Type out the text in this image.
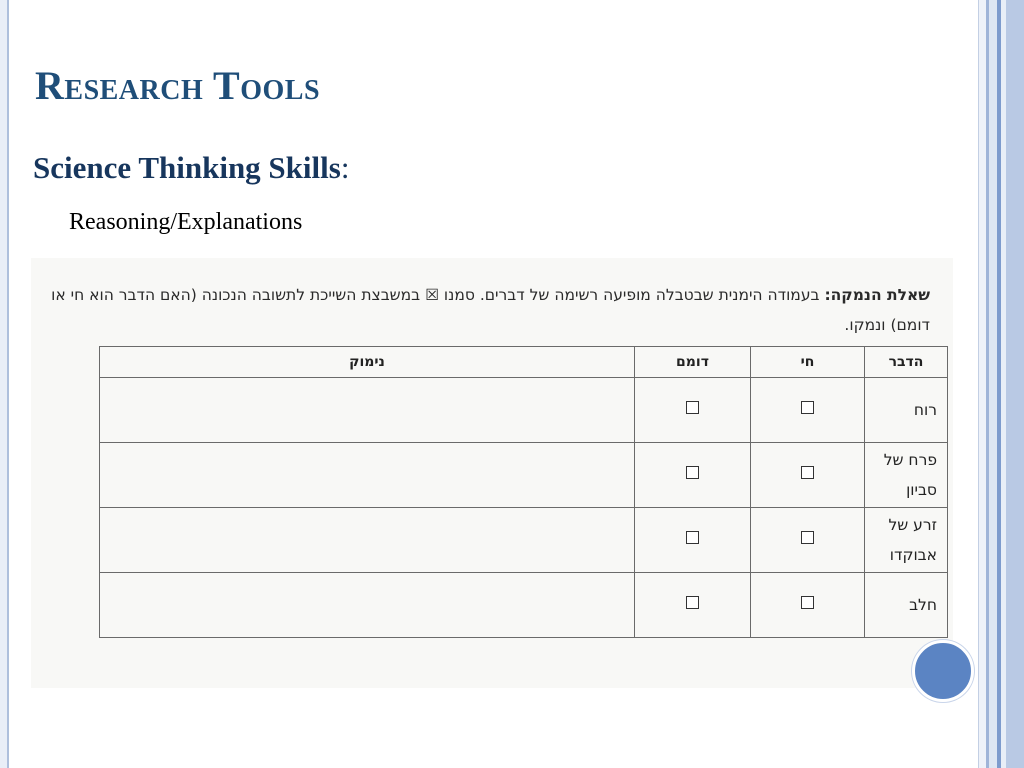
Research Tools
Science Thinking Skills:

Reasoning/Explanations

שאלת הנמקה: בעמודה הימנית שבטבלה מופיעה רשימה של דברים. סמנו ☒ במשבצת השייכת לתשובה הנכונה (האם הדבר הוא חי או דומם) ונמקו.
הדבר	חי	דומם	נימוק
רוח			
פרח של סביון			
זרע של אבוקדו			
חלב			
